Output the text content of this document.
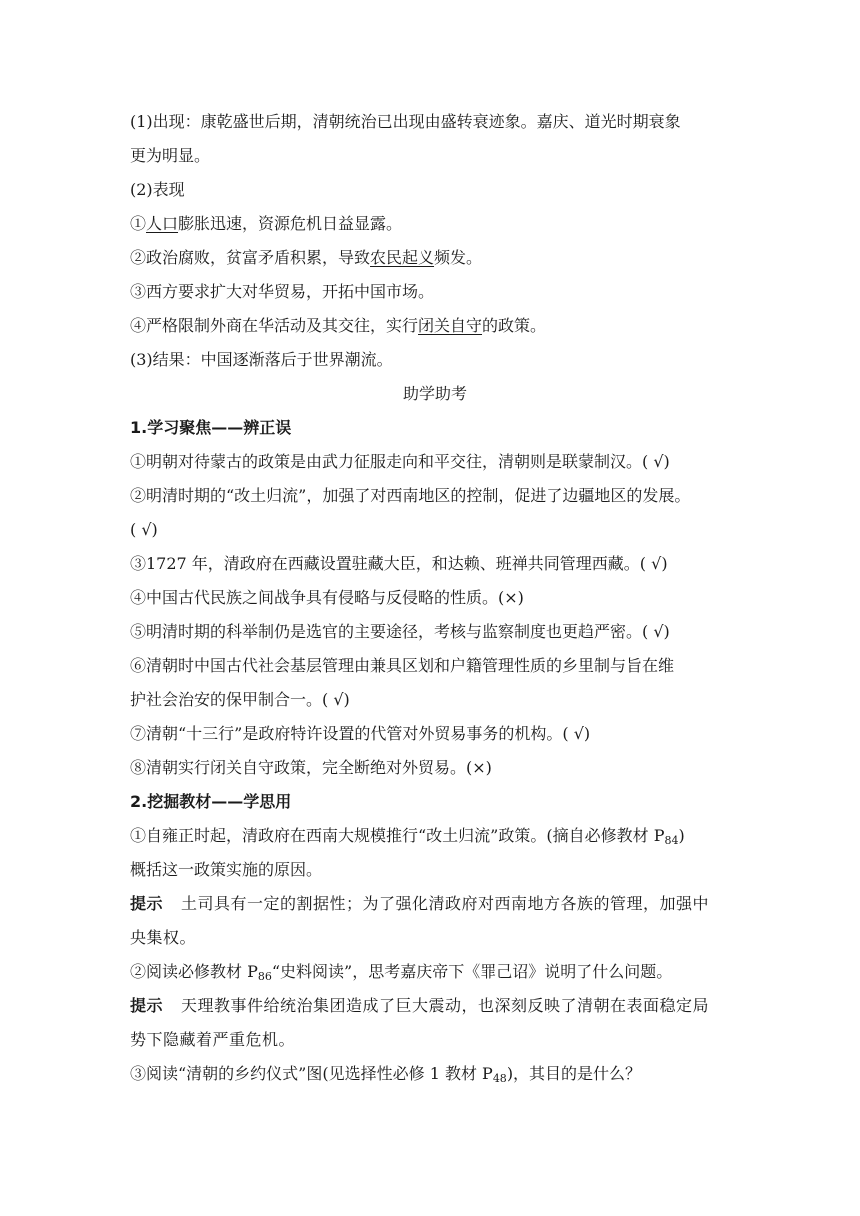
(1)出现：康乾盛世后期，清朝统治已出现由盛转衰迹象。嘉庆、道光时期衰象
更为明显。
(2)表现
①人口膨胀迅速，资源危机日益显露。
②政治腐败，贫富矛盾积累，导致农民起义频发。
③西方要求扩大对华贸易，开拓中国市场。
④严格限制外商在华活动及其交往，实行闭关自守的政策。
(3)结果：中国逐渐落后于世界潮流。
助学助考
1.学习聚焦——辨正误
①明朝对待蒙古的政策是由武力征服走向和平交往，清朝则是联蒙制汉。( √)
②明清时期的“改土归流”，加强了对西南地区的控制，促进了边疆地区的发展。
( √)
③1727 年，清政府在西藏设置驻藏大臣，和达赖、班禅共同管理西藏。( √)
④中国古代民族之间战争具有侵略与反侵略的性质。(×)
⑤明清时期的科举制仍是选官的主要途径，考核与监察制度也更趋严密。( √)
⑥清朝时中国古代社会基层管理由兼具区划和户籍管理性质的乡里制与旨在维
护社会治安的保甲制合一。( √)
⑦清朝“十三行”是政府特许设置的代管对外贸易事务的机构。( √)
⑧清朝实行闭关自守政策，完全断绝对外贸易。(×)
2.挖掘教材——学思用
①自雍正时起，清政府在西南大规模推行“改土归流”政策。(摘自必修教材 $P_{84}$)
概括这一政策实施的原因。
提示 土司具有一定的割据性；为了强化清政府对西南地方各族的管理，加强中
央集权。
②阅读必修教材 $P_{86}“$史料阅读”，思考嘉庆帝下《罪己诏》说明了什么问题。
提示 天理教事件给统治集团造成了巨大震动，也深刻反映了清朝在表面稳定局
势下隐藏着严重危机。
③阅读“清朝的乡约仪式”图(见选择性必修 1 教材 $P_{48}$)，其目的是什么？
